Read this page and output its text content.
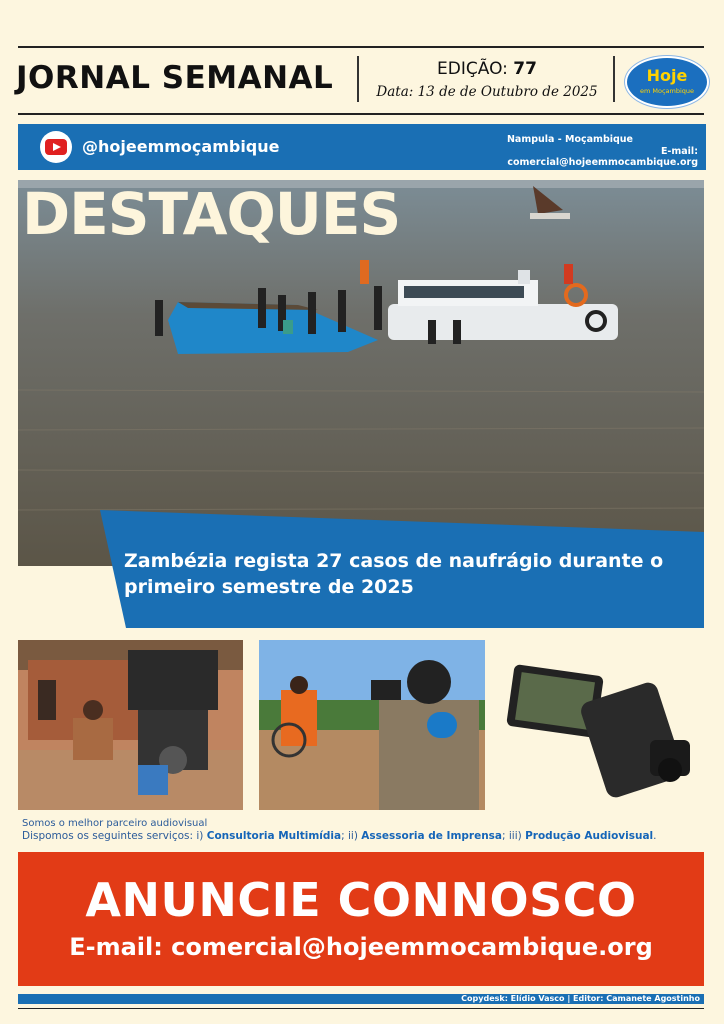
JORNAL SEMANAL	EDIÇÃO: 77
Data: 13 de de Outubro de 2025
Hoje
em Moçambique
@hojeemmoçambique	Nampula - Moçambique
E-mail: comercial@hojeemmocambique.org
DESTAQUES
Zambézia regista 27 casos de naufrágio durante o primeiro semestre de 2025
Somos o melhor parceiro audiovisual
Dispomos os seguintes serviços: i) Consultoria Multimídia; ii) Assessoria de Imprensa; iii) Produção Audiovisual.
ANUNCIE CONNOSCO
E-mail: comercial@hojeemmocambique.org
Copydesk: Elídio Vasco | Editor: Camanete Agostinho
